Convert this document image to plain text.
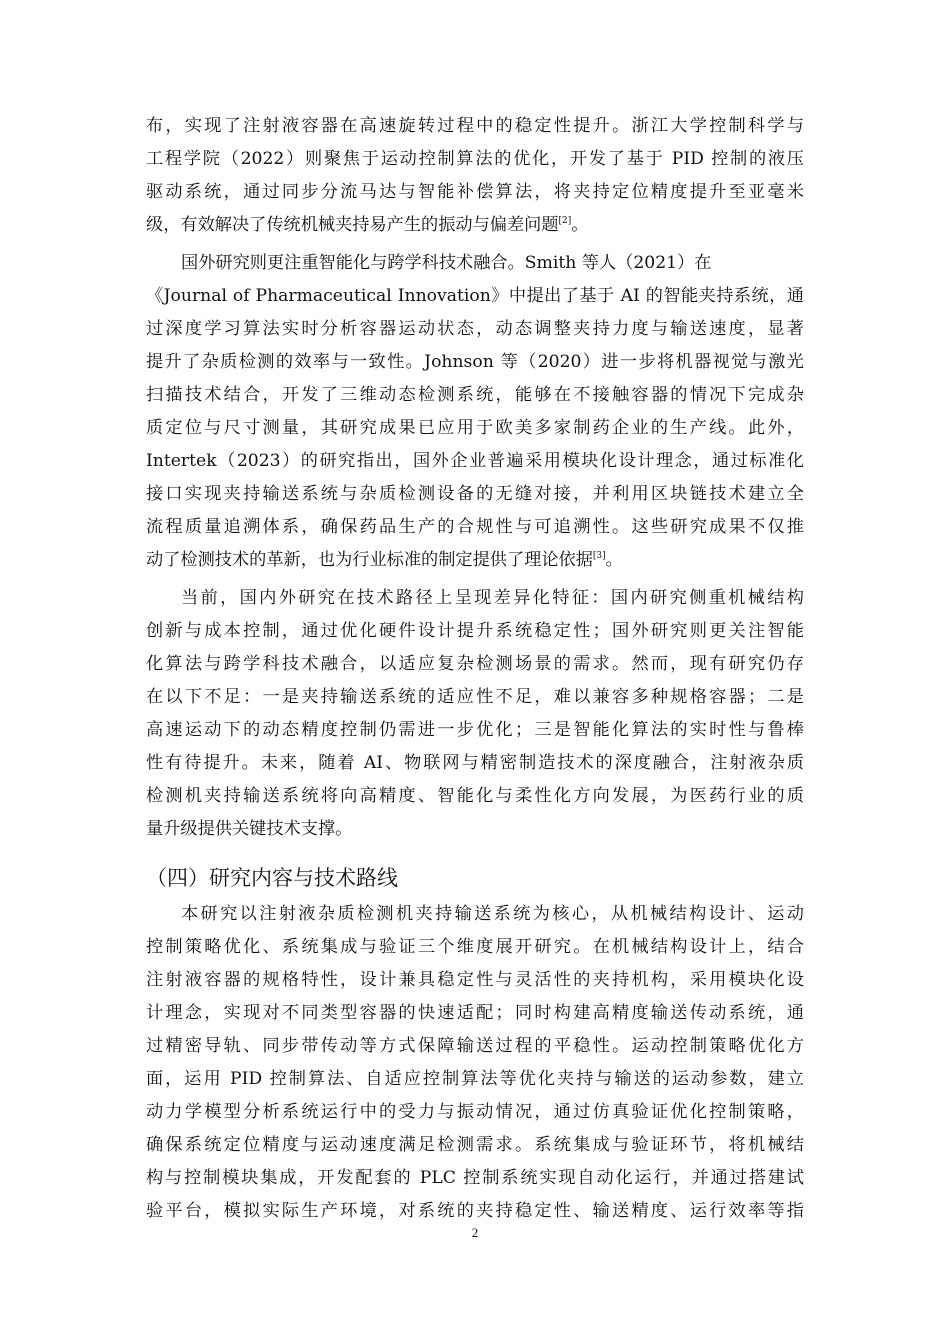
布，实现了注射液容器在高速旋转过程中的稳定性提升。浙江大学控制科学与
工程学院（2022）则聚焦于运动控制算法的优化，开发了基于 PID 控制的液压
驱动系统，通过同步分流马达与智能补偿算法，将夹持定位精度提升至亚毫米
级，有效解决了传统机械夹持易产生的振动与偏差问题[2]。
国外研究则更注重智能化与跨学科技术融合。Smith 等人（2021）在
《Journal of Pharmaceutical Innovation》中提出了基于 AI 的智能夹持系统，通
过深度学习算法实时分析容器运动状态，动态调整夹持力度与输送速度，显著
提升了杂质检测的效率与一致性。Johnson 等（2020）进一步将机器视觉与激光
扫描技术结合，开发了三维动态检测系统，能够在不接触容器的情况下完成杂
质定位与尺寸测量，其研究成果已应用于欧美多家制药企业的生产线。此外，
Intertek（2023）的研究指出，国外企业普遍采用模块化设计理念，通过标准化
接口实现夹持输送系统与杂质检测设备的无缝对接，并利用区块链技术建立全
流程质量追溯体系，确保药品生产的合规性与可追溯性。这些研究成果不仅推
动了检测技术的革新，也为行业标准的制定提供了理论依据[3]。
当前，国内外研究在技术路径上呈现差异化特征：国内研究侧重机械结构
创新与成本控制，通过优化硬件设计提升系统稳定性；国外研究则更关注智能
化算法与跨学科技术融合，以适应复杂检测场景的需求。然而，现有研究仍存
在以下不足：一是夹持输送系统的适应性不足，难以兼容多种规格容器；二是
高速运动下的动态精度控制仍需进一步优化；三是智能化算法的实时性与鲁棒
性有待提升。未来，随着 AI、物联网与精密制造技术的深度融合，注射液杂质
检测机夹持输送系统将向高精度、智能化与柔性化方向发展，为医药行业的质
量升级提供关键技术支撑。
（四）研究内容与技术路线
本研究以注射液杂质检测机夹持输送系统为核心，从机械结构设计、运动
控制策略优化、系统集成与验证三个维度展开研究。在机械结构设计上，结合
注射液容器的规格特性，设计兼具稳定性与灵活性的夹持机构，采用模块化设
计理念，实现对不同类型容器的快速适配；同时构建高精度输送传动系统，通
过精密导轨、同步带传动等方式保障输送过程的平稳性。运动控制策略优化方
面，运用 PID 控制算法、自适应控制算法等优化夹持与输送的运动参数，建立
动力学模型分析系统运行中的受力与振动情况，通过仿真验证优化控制策略，
确保系统定位精度与运动速度满足检测需求。系统集成与验证环节，将机械结
构与控制模块集成，开发配套的 PLC 控制系统实现自动化运行，并通过搭建试
验平台，模拟实际生产环境，对系统的夹持稳定性、输送精度、运行效率等指
2
